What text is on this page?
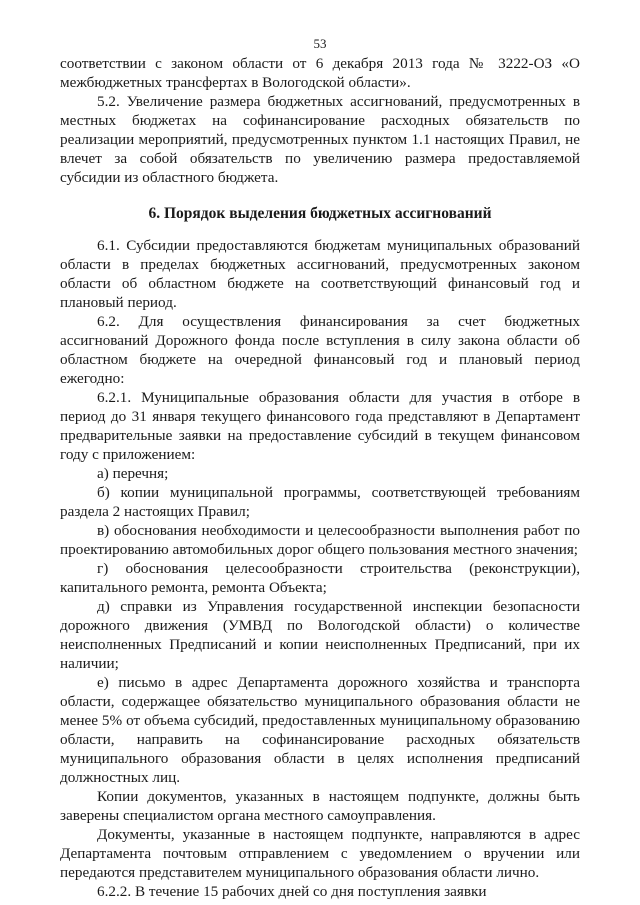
53

соответствии с законом области от 6 декабря 2013 года № 3222-ОЗ «О межбюджетных трансфертах в Вологодской области».

5.2. Увеличение размера бюджетных ассигнований, предусмотренных в местных бюджетах на софинансирование расходных обязательств по реализации мероприятий, предусмотренных пунктом 1.1 настоящих Правил, не влечет за собой обязательств по увеличению размера предоставляемой субсидии из областного бюджета.

6. Порядок выделения бюджетных ассигнований

6.1. Субсидии предоставляются бюджетам муниципальных образований области в пределах бюджетных ассигнований, предусмотренных законом области об областном бюджете на соответствующий финансовый год и плановый период.

6.2. Для осуществления финансирования за счет бюджетных ассигнований Дорожного фонда после вступления в силу закона области об областном бюджете на очередной финансовый год и плановый период ежегодно:

6.2.1. Муниципальные образования области для участия в отборе в период до 31 января текущего финансового года представляют в Департамент предварительные заявки на предоставление субсидий в текущем финансовом году с приложением:

а) перечня;

б) копии муниципальной программы, соответствующей требованиям раздела 2 настоящих Правил;

в) обоснования необходимости и целесообразности выполнения работ по проектированию автомобильных дорог общего пользования местного значения;

г) обоснования целесообразности строительства (реконструкции), капитального ремонта, ремонта Объекта;

д) справки из Управления государственной инспекции безопасности дорожного движения (УМВД по Вологодской области) о количестве неисполненных Предписаний и копии неисполненных Предписаний, при их наличии;

е) письмо в адрес Департамента дорожного хозяйства и транспорта области, содержащее обязательство муниципального образования области не менее 5% от объема субсидий, предоставленных муниципальному образованию области, направить на софинансирование расходных обязательств муниципального образования области в целях исполнения предписаний должностных лиц.

Копии документов, указанных в настоящем подпункте, должны быть заверены специалистом органа местного самоуправления.

Документы, указанные в настоящем подпункте, направляются в адрес Департамента почтовым отправлением с уведомлением о вручении или передаются представителем муниципального образования области лично.

6.2.2. В течение 15 рабочих дней со дня поступления заявки
